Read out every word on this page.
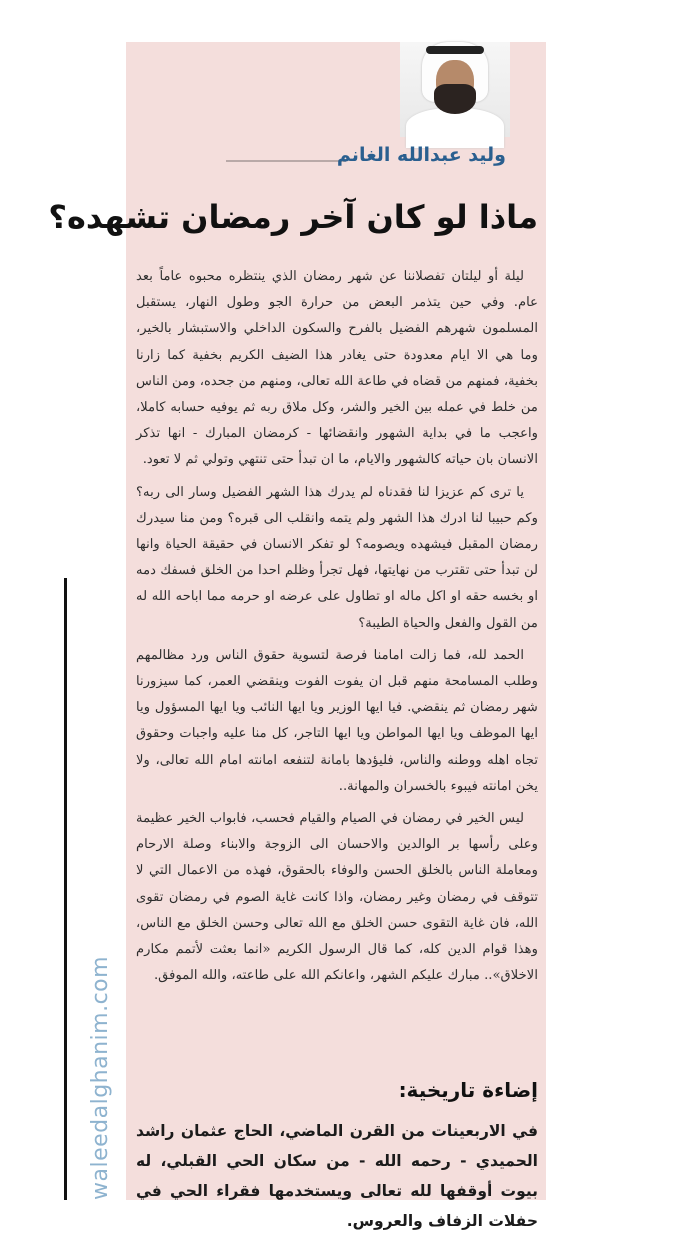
waleedalghanim.com
وليد عبدالله الغانم
ماذا لو كان آخر رمضان تشهده؟

ليلة أو ليلتان تفصلاننا عن شهر رمضان الذي ينتظره محبوه عاماً بعد عام. وفي حين يتذمر البعض من حرارة الجو وطول النهار، يستقبل المسلمون شهرهم الفضيل بالفرح والسكون الداخلي والاستبشار بالخير، وما هي الا ايام معدودة حتى يغادر هذا الضيف الكريم بخفية كما زارنا بخفية، فمنهم من قضاه في طاعة الله تعالى، ومنهم من جحده، ومن الناس من خلط في عمله بين الخير والشر، وكل ملاق ربه ثم يوفيه حسابه كاملا، واعجب ما في بداية الشهور وانقضائها - كرمضان المبارك - انها تذكر الانسان بان حياته كالشهور والايام، ما ان تبدأ حتى تنتهي وتولي ثم لا تعود.

يا ترى كم عزيزا لنا فقدناه لم يدرك هذا الشهر الفضيل وسار الى ربه؟ وكم حبيبا لنا ادرك هذا الشهر ولم يتمه وانقلب الى قبره؟ ومن منا سيدرك رمضان المقبل فيشهده ويصومه؟ لو تفكر الانسان في حقيقة الحياة وانها لن تبدأ حتى تقترب من نهايتها، فهل تجرأ وظلم احدا من الخلق فسفك دمه او بخسه حقه او اكل ماله او تطاول على عرضه او حرمه مما اباحه الله له من القول والفعل والحياة الطيبة؟

الحمد لله، فما زالت امامنا فرصة لتسوية حقوق الناس ورد مظالمهم وطلب المسامحة منهم قبل ان يفوت الفوت وينقضي العمر، كما سيزورنا شهر رمضان ثم ينقضي. فيا ايها الوزير ويا ايها النائب ويا ايها المسؤول ويا ايها الموظف ويا ايها المواطن ويا ايها التاجر، كل منا عليه واجبات وحقوق تجاه اهله ووطنه والناس، فليؤدها بامانة لتنفعه امانته امام الله تعالى، ولا يخن امانته فيبوء بالخسران والمهانة..

ليس الخير في رمضان في الصيام والقيام فحسب، فابواب الخير عظيمة وعلى رأسها بر الوالدين والاحسان الى الزوجة والابناء وصلة الارحام ومعاملة الناس بالخلق الحسن والوفاء بالحقوق، فهذه من الاعمال التي لا تتوقف في رمضان وغير رمضان، واذا كانت غاية الصوم في رمضان تقوى الله، فان غاية التقوى حسن الخلق مع الله تعالى وحسن الخلق مع الناس، وهذا قوام الدين كله، كما قال الرسول الكريم «انما بعثت لأتمم مكارم الاخلاق».. مبارك عليكم الشهر، واعانكم الله على طاعته، والله الموفق.

إضاءة تاريخية:
في الاربعينات من القرن الماضي، الحاج عثمان راشد الحميدي - رحمه الله - من سكان الحي القبلي، له بيوت أوقفها لله تعالى ويستخدمها فقراء الحي في حفلات الزفاف والعروس.
